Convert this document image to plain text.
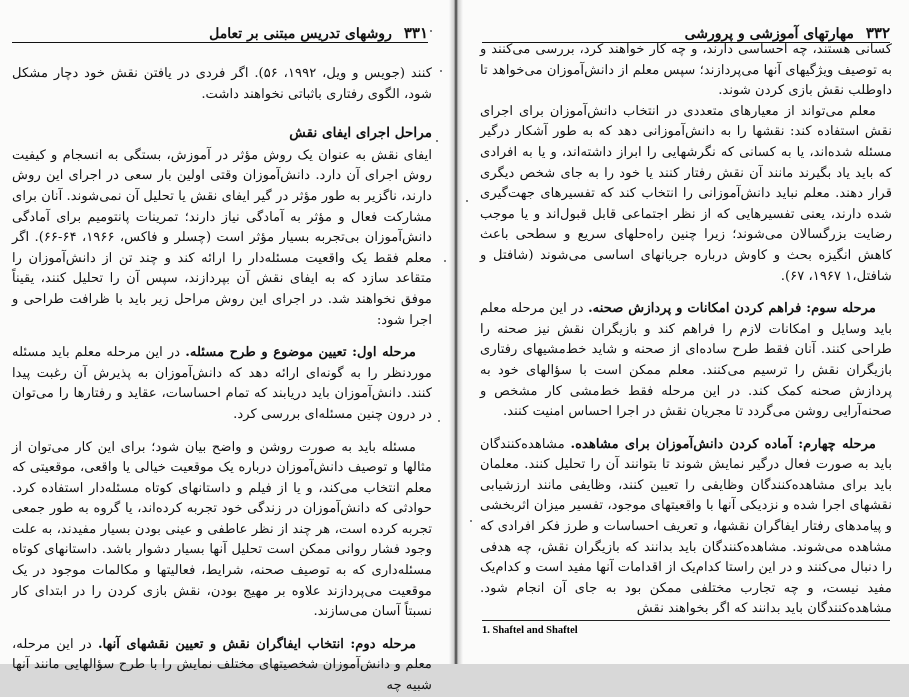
۳۳۱
روشهای تدریس مبتنی بر تعامل

کنند (جویس و ویل، ۱۹۹۲، ۵۶). اگر فردی در یافتن نقش خود دچار مشکل شود، الگوی رفتاری باثباتی نخواهند داشت.

مراحل اجرای ایفای نقش

ایفای نقش به عنوان یک روش مؤثر در آموزش، بستگی به انسجام و کیفیت روش اجرای آن دارد. دانش‌آموزان وقتی اولین بار سعی در اجرای این روش دارند، ناگزیر به طور مؤثر در گیر ایفای نقش یا تحلیل آن نمی‌شوند. آنان برای مشارکت فعال و مؤثر به آمادگی نیاز دارند؛ تمرینات پانتومیم برای آمادگی دانش‌آموزان بی‌تجربه بسیار مؤثر است (چسلر و فاکس، ۱۹۶۶، ۶۴-۶۶). اگر معلم فقط یک واقعیت مسئله‌دار را ارائه کند و چند تن از دانش‌آموزان را متقاعد سازد که به ایفای نقش آن بپردازند، سپس آن را تحلیل کنند، یقیناً موفق نخواهند شد. در اجرای این روش مراحل زیر باید با ظرافت طراحی و اجرا شود:

مرحله اول: تعیین موضوع و طرح مسئله. در این مرحله معلم باید مسئله موردنظر را به گونه‌ای ارائه دهد که دانش‌آموزان به پذیرش آن رغبت پیدا کنند. دانش‌آموزان باید دریابند که تمام احساسات، عقاید و رفتارها را می‌توان در درون چنین مسئله‌ای بررسی کرد.

مسئله باید به صورت روشن و واضح بیان شود؛ برای این کار می‌توان از مثالها و توصیف دانش‌آموزان درباره یک موقعیت خیالی یا واقعی، موقعیتی که معلم انتخاب می‌کند، و یا از فیلم و داستانهای کوتاه مسئله‌دار استفاده کرد. حوادثی که دانش‌آموزان در زندگی خود تجربه کرده‌اند، یا گروه به طور جمعی تجربه کرده است، هر چند از نظر عاطفی و عینی بودن بسیار مفیدند، به علت وجود فشار روانی ممکن است تحلیل آنها بسیار دشوار باشد. داستانهای کوتاه مسئله‌داری که به توصیف صحنه، شرایط، فعالیتها و مکالمات موجود در یک موقعیت می‌پردازند علاوه بر مهیج بودن، نقش بازی کردن را در ابتدای کار نسبتاً آسان می‌سازند.

مرحله دوم: انتخاب ایفاگران نقش و تعیین نقشهای آنها. در این مرحله، معلم و دانش‌آموزان شخصیتهای مختلف نمایش را با طرح سؤالهایی مانند آنها شبیه چه

۳۳۲
مهارتهای آموزشی و پرورشی

کسانی هستند، چه احساسی دارند، و چه کار خواهند کرد، بررسی می‌کنند و به توصیف ویژگیهای آنها می‌پردازند؛ سپس معلم از دانش‌آموزان می‌خواهد تا داوطلب نقش بازی کردن شوند.

معلم می‌تواند از معیارهای متعددی در انتخاب دانش‌آموزان برای اجرای نقش استفاده کند: نقشها را به دانش‌آموزانی دهد که به طور آشکار درگیر مسئله شده‌اند، یا به کسانی که نگرشهایی را ابراز داشته‌اند، و یا به افرادی که باید یاد بگیرند مانند آن نقش رفتار کنند یا خود را به جای شخص دیگری قرار دهند. معلم نباید دانش‌آموزانی را انتخاب کند که تفسیرهای جهت‌گیری شده دارند، یعنی تفسیرهایی که از نظر اجتماعی قابل قبول‌اند و یا موجب رضایت بزرگسالان می‌شوند؛ زیرا چنین راه‌حلهای سریع و سطحی باعث کاهش انگیزه بحث و کاوش درباره جریانهای اساسی می‌شوند (شافتل و شافتل،۱ ۱۹۶۷، ۶۷).

مرحله سوم: فراهم کردن امکانات و پردازش صحنه. در این مرحله معلم باید وسایل و امکانات لازم را فراهم کند و بازیگران نقش نیز صحنه را طراحی کنند. آنان فقط طرح ساده‌ای از صحنه و شاید خط‌مشیهای رفتاری بازیگران نقش را ترسیم می‌کنند. معلم ممکن است با سؤالهای خود به پردازش صحنه کمک کند. در این مرحله فقط خط‌مشی کار مشخص و صحنه‌آرایی روشن می‌گردد تا مجریان نقش در اجرا احساس امنیت کنند.

مرحله چهارم: آماده کردن دانش‌آموزان برای مشاهده. مشاهده‌کنندگان باید به صورت فعال درگیر نمایش شوند تا بتوانند آن را تحلیل کنند. معلمان باید برای مشاهده‌کنندگان وظایفی را تعیین کنند، وظایفی مانند ارزشیابی نقشهای اجرا شده و نزدیکی آنها با واقعیتهای موجود، تفسیر میزان اثربخشی و پیامدهای رفتار ایفاگران نقشها، و تعریف احساسات و طرز فکر افرادی که مشاهده می‌شوند. مشاهده‌کنندگان باید بدانند که بازیگران نقش، چه هدفی را دنبال می‌کنند و در این راستا کدام‌یک از اقدامات آنها مفید است و کدام‌یک مفید نیست، و چه تجارب مختلفی ممکن بود به جای آن انجام شود. مشاهده‌کنندگان باید بدانند که اگر بخواهند نقش

1. Shaftel and Shaftel
